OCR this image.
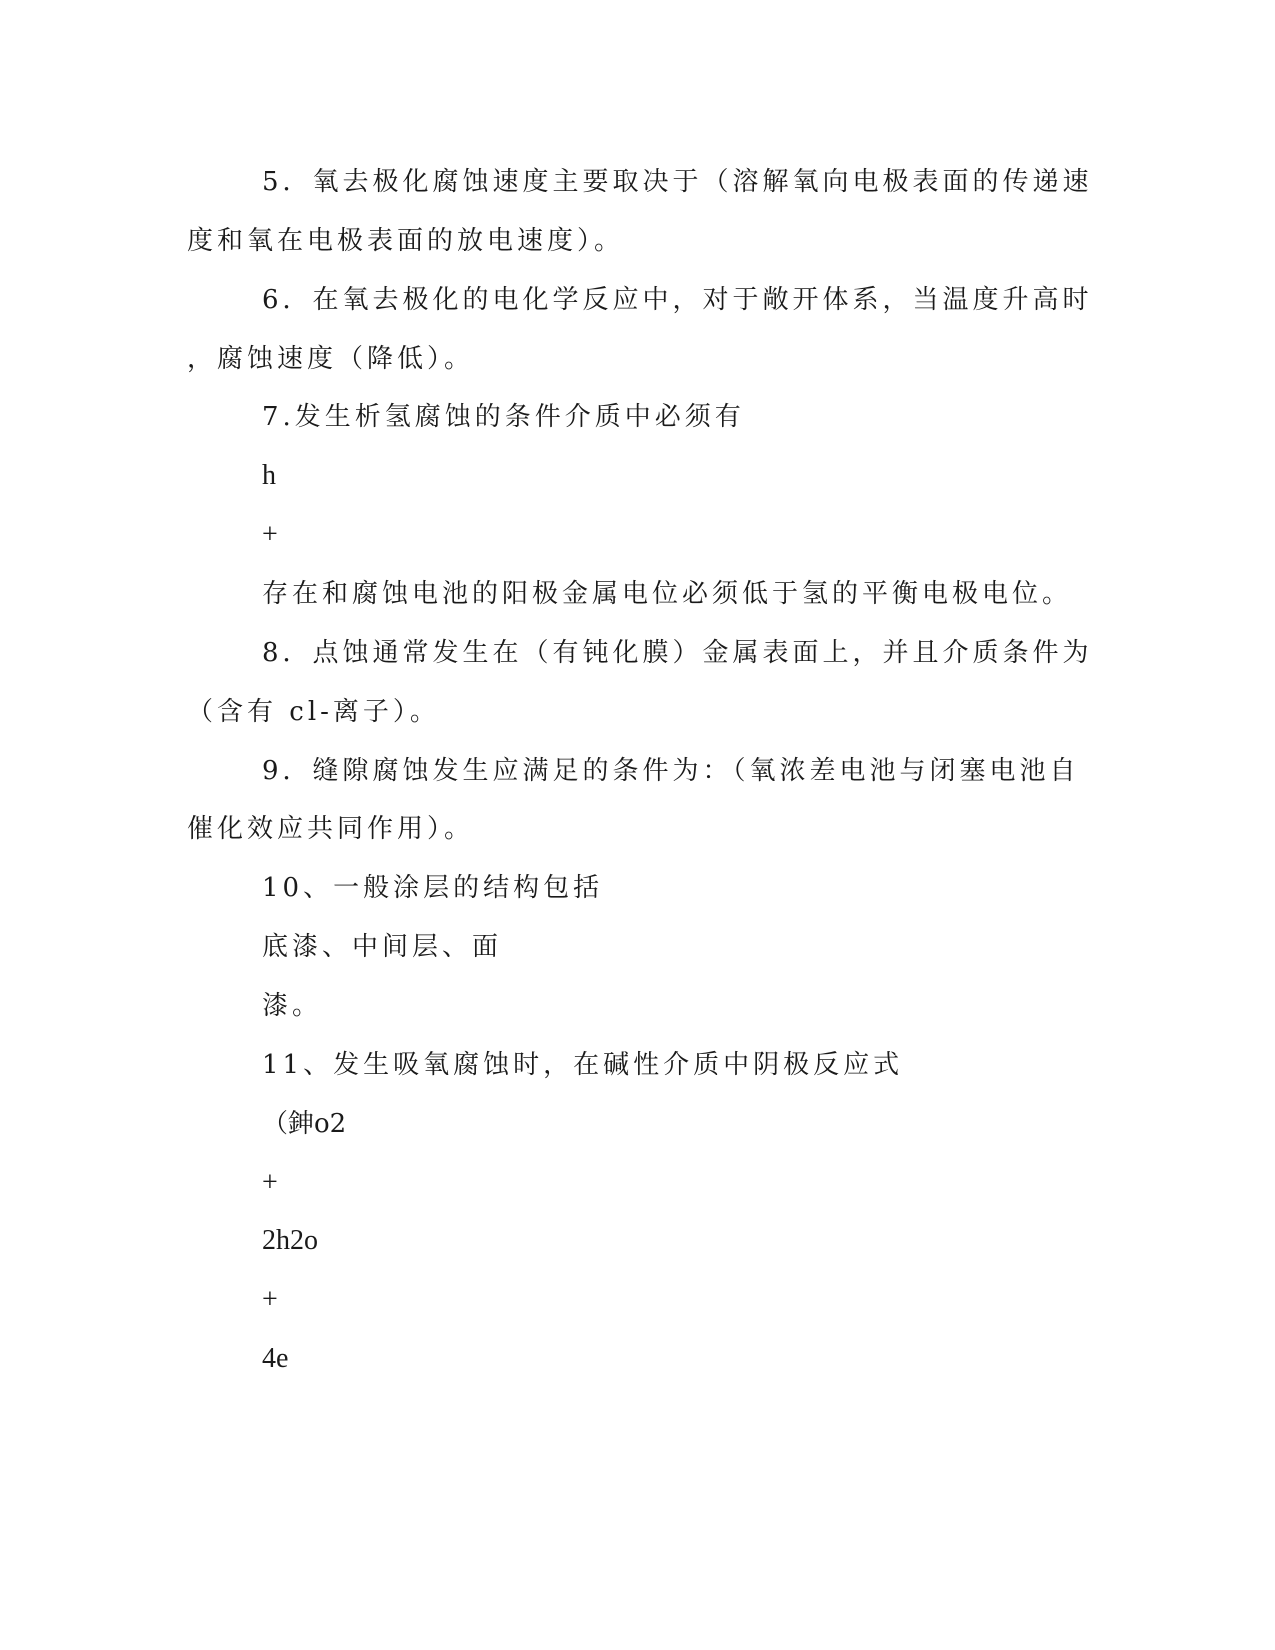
5．氧去极化腐蚀速度主要取决于（溶解氧向电极表面的传递速
度和氧在电极表面的放电速度）。
6．在氧去极化的电化学反应中，对于敞开体系，当温度升高时
，腐蚀速度（降低）。
7.发生析氢腐蚀的条件介质中必须有
h
+
存在和腐蚀电池的阳极金属电位必须低于氢的平衡电极电位。
8．点蚀通常发生在（有钝化膜）金属表面上，并且介质条件为
（含有 cl-离子）。
9．缝隙腐蚀发生应满足的条件为：（氧浓差电池与闭塞电池自
催化效应共同作用）。
10、一般涂层的结构包括
底漆、中间层、面
漆。
11、发生吸氧腐蚀时，在碱性介质中阴极反应式
（鉮o2
+
2h2o
+
4e
